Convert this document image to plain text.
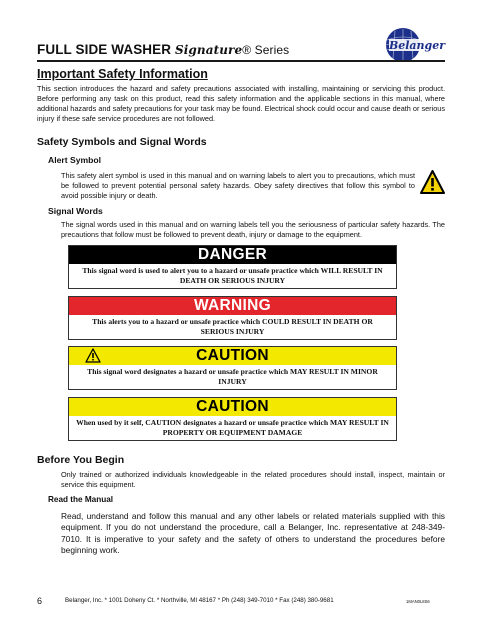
FULL SIDE WASHER Signature® Series	Belanger
Important Safety Information
This section introduces the hazard and safety precautions associated with installing, maintaining or servicing this product. Before performing any task on this product, read this safety information and the applicable sections in this manual, where additional hazards and safety precautions for your task may be found. Electrical shock could occur and cause death or serious injury if these safe service procedures are not followed.
Safety Symbols and Signal Words
Alert Symbol
This safety alert symbol is used in this manual and on warning labels to alert you to precautions, which must be followed to prevent potential personal safety hazards. Obey safety directives that follow this symbol to avoid possible injury or death.
Signal Words
The signal words used in this manual and on warning labels tell you the seriousness of particular safety hazards. The precautions that follow must be followed to prevent death, injury or damage to the equipment.
DANGER
This signal word is used to alert you to a hazard or unsafe practice which WILL RESULT IN DEATH OR SERIOUS INJURY
WARNING
This alerts you to a hazard or unsafe practice which COULD RESULT IN DEATH OR SERIOUS INJURY
CAUTION
This signal word designates a hazard or unsafe practice which MAY RESULT IN MINOR INJURY
CAUTION
When used by it self, CAUTION designates a hazard or unsafe practice which MAY RESULT IN PROPERTY OR EQUIPMENT DAMAGE
Before You Begin
Only trained or authorized individuals knowledgeable in the related procedures should install, inspect, maintain or service this equipment.
Read the Manual
Read, understand and follow this manual and any other labels or related materials supplied with this equipment. If you do not understand the procedure, call a Belanger, Inc. representative at 248-349-7010. It is imperative to your safety and the safety of others to understand the procedures before beginning work.
6	Belanger, Inc. * 1001 Doheny Ct. * Northville, MI 48167 * Ph (248) 349-7010 * Fax (248) 380-9681	1MAN0L8S6
